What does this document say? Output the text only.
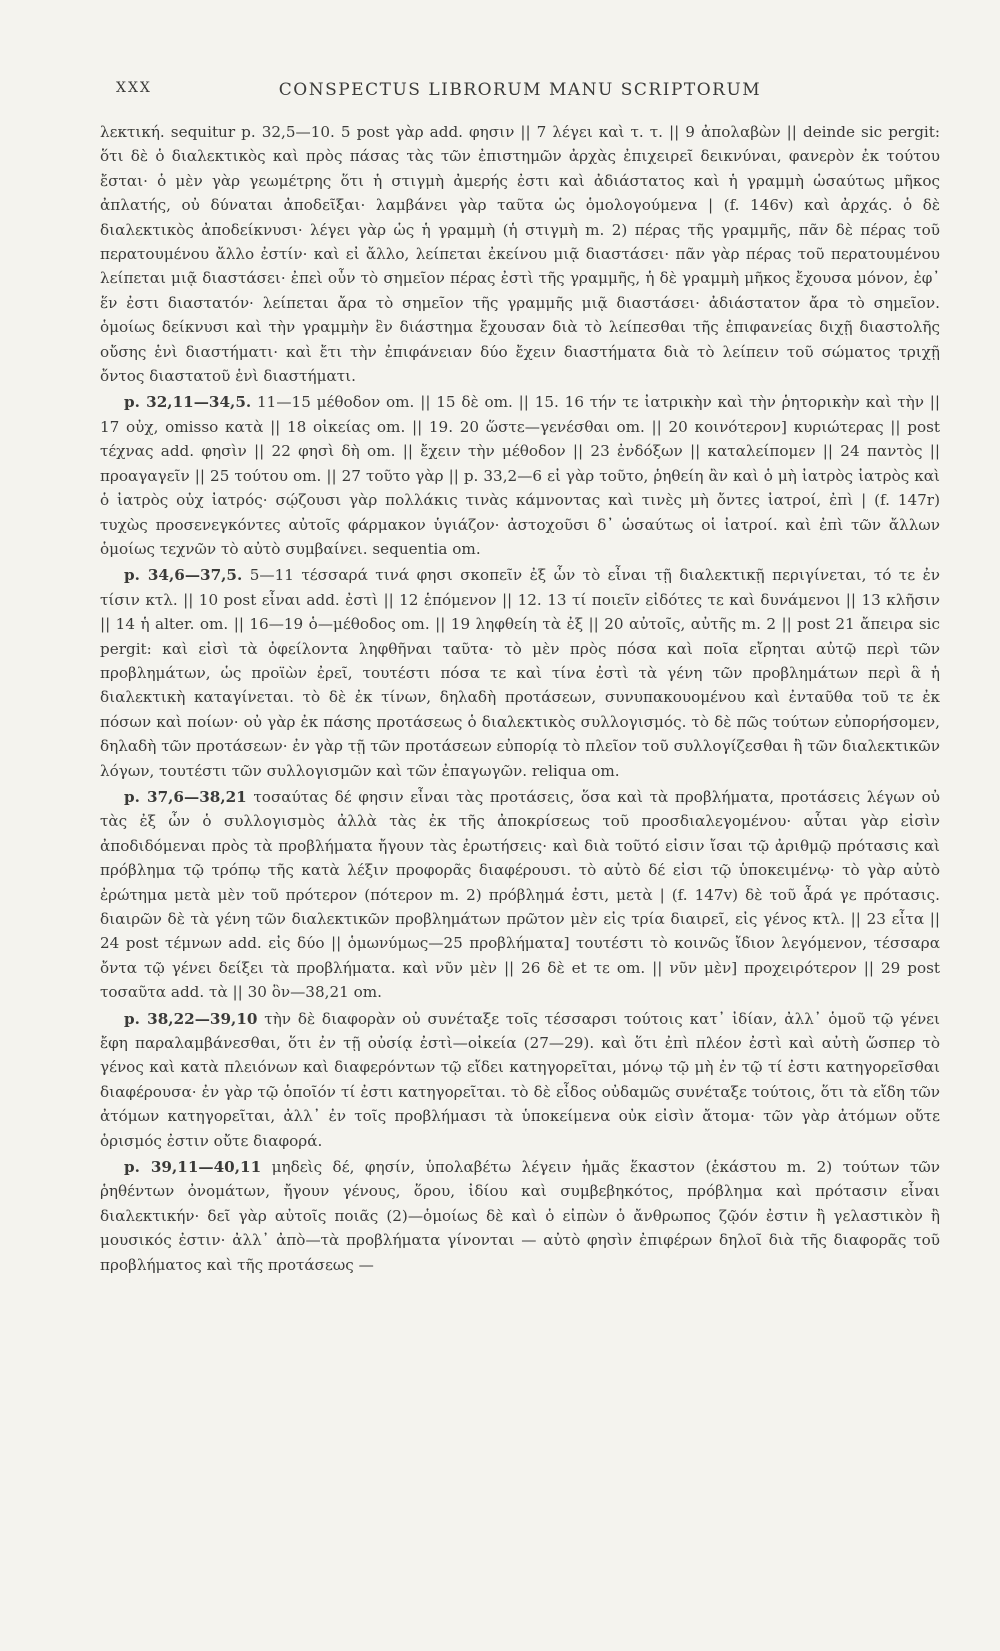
XXX	CONSPECTUS LIBRORUM MANU SCRIPTORUM

λεκτική. sequitur p. 32,5—10. 5 post γὰρ add. φησιν || 7 λέγει καὶ τ. τ. || 9 ἀπολαβὼν || deinde sic pergit: ὅτι δὲ ὁ διαλεκτικὸς καὶ πρὸς πάσας τὰς τῶν ἐπιστημῶν ἀρχὰς ἐπιχειρεῖ δεικνύναι, φανερὸν ἐκ τούτου ἔσται· ὁ μὲν γὰρ γεωμέτρης ὅτι ἡ στιγμὴ ἀμερής ἐστι καὶ ἀδιάστατος καὶ ἡ γραμμὴ ὡσαύτως μῆκος ἀπλατής, οὐ δύναται ἀποδεῖξαι· λαμβάνει γὰρ ταῦτα ὡς ὁμολογούμενα | (f. 146v) καὶ ἀρχάς. ὁ δὲ διαλεκτικὸς ἀποδείκνυσι· λέγει γὰρ ὡς ἡ γραμμὴ (ἡ στιγμὴ m. 2) πέρας τῆς γραμμῆς, πᾶν δὲ πέρας τοῦ περατουμένου ἄλλο ἐστίν· καὶ εἰ ἄλλο, λείπεται ἐκείνου μιᾷ διαστάσει· πᾶν γὰρ πέρας τοῦ περατουμένου λείπεται μιᾷ διαστάσει· ἐπεὶ οὖν τὸ σημεῖον πέρας ἐστὶ τῆς γραμμῆς, ἡ δὲ γραμμὴ μῆκος ἔχουσα μόνον, ἐφ᾽ ἕν ἐστι διαστατόν· λείπεται ἄρα τὸ σημεῖον τῆς γραμμῆς μιᾷ διαστάσει· ἀδιάστατον ἄρα τὸ σημεῖον. ὁμοίως δείκνυσι καὶ τὴν γραμμὴν ἓν διάστημα ἔχουσαν διὰ τὸ λείπεσθαι τῆς ἐπιφανείας διχῇ διαστολῆς οὔσης ἑνὶ διαστήματι· καὶ ἔτι τὴν ἐπιφάνειαν δύο ἔχειν διαστήματα διὰ τὸ λείπειν τοῦ σώματος τριχῇ ὄντος διαστατοῦ ἑνὶ διαστήματι.

p. 32,11—34,5. 11—15 μέθοδον om. || 15 δὲ om. || 15. 16 τήν τε ἰατρικὴν καὶ τὴν ῥητορικὴν καὶ τὴν || 17 οὐχ, omisso κατὰ || 18 οἰκείας om. || 19. 20 ὥστε—γενέσθαι om. || 20 κοινότερον] κυριώτερας || post τέχνας add. φησὶν || 22 φησὶ δὴ om. || ἔχειν τὴν μέθοδον || 23 ἐνδόξων || καταλείπομεν || 24 παντὸς || προαγαγεῖν || 25 τούτου om. || 27 τοῦτο γὰρ || p. 33,2—6 εἰ γὰρ τοῦτο, ῥηθείη ἂν καὶ ὁ μὴ ἰατρὸς ἰατρὸς καὶ ὁ ἰατρὸς οὐχ ἰατρός· σῴζουσι γὰρ πολλάκις τινὰς κάμνοντας καὶ τινὲς μὴ ὄντες ἰατροί, ἐπὶ | (f. 147r) τυχὼς προσενεγκόντες αὐτοῖς φάρμακον ὑγιάζον· ἀστοχοῦσι δ᾽ ὡσαύτως οἱ ἰατροί. καὶ ἐπὶ τῶν ἄλλων ὁμοίως τεχνῶν τὸ αὐτὸ συμβαίνει. sequentia om.

p. 34,6—37,5. 5—11 τέσσαρά τινά φησι σκοπεῖν ἐξ ὧν τὸ εἶναι τῇ διαλεκτικῇ περιγίνεται, τό τε ἐν τίσιν κτλ. || 10 post εἶναι add. ἐστὶ || 12 ἑπόμενον || 12. 13 τί ποιεῖν εἰδότες τε καὶ δυνάμενοι || 13 κλῆσιν || 14 ἡ alter. om. || 16—19 ὁ—μέθοδος om. || 19 ληφθείη τὰ ἐξ || 20 αὐτοῖς, αὐτῆς m. 2 || post 21 ἄπειρα sic pergit: καὶ εἰσὶ τὰ ὀφείλοντα ληφθῆναι ταῦτα· τὸ μὲν πρὸς πόσα καὶ ποῖα εἴρηται αὐτῷ περὶ τῶν προβλημάτων, ὡς προϊὼν ἐρεῖ, τουτέστι πόσα τε καὶ τίνα ἐστὶ τὰ γένη τῶν προβλημάτων περὶ ἃ ἡ διαλεκτικὴ καταγίνεται. τὸ δὲ ἐκ τίνων, δηλαδὴ προτάσεων, συνυπακουομένου καὶ ἐνταῦθα τοῦ τε ἐκ πόσων καὶ ποίων· οὐ γὰρ ἐκ πάσης προτάσεως ὁ διαλεκτικὸς συλλογισμός. τὸ δὲ πῶς τούτων εὐπορήσομεν, δηλαδὴ τῶν προτάσεων· ἐν γὰρ τῇ τῶν προτάσεων εὐπορίᾳ τὸ πλεῖον τοῦ συλλογίζεσθαι ἢ τῶν διαλεκτικῶν λόγων, τουτέστι τῶν συλλογισμῶν καὶ τῶν ἐπαγωγῶν. reliqua om.

p. 37,6—38,21 τοσαύτας δέ φησιν εἶναι τὰς προτάσεις, ὅσα καὶ τὰ προβλήματα, προτάσεις λέγων οὐ τὰς ἐξ ὧν ὁ συλλογισμὸς ἀλλὰ τὰς ἐκ τῆς ἀποκρίσεως τοῦ προσδιαλεγομένου· αὗται γὰρ εἰσὶν ἀποδιδόμεναι πρὸς τὰ προβλήματα ἤγουν τὰς ἐρωτήσεις· καὶ διὰ τοῦτό εἰσιν ἴσαι τῷ ἀριθμῷ πρότασις καὶ πρόβλημα τῷ τρόπῳ τῆς κατὰ λέξιν προφορᾶς διαφέρουσι. τὸ αὐτὸ δέ εἰσι τῷ ὑποκειμένῳ· τὸ γὰρ αὐτὸ ἐρώτημα μετὰ μὲν τοῦ πρότερον (πότερον m. 2) πρόβλημά ἐστι, μετὰ | (f. 147v) δὲ τοῦ ἆρά γε πρότασις. διαιρῶν δὲ τὰ γένη τῶν διαλεκτικῶν προβλημάτων πρῶτον μὲν εἰς τρία διαιρεῖ, εἰς γένος κτλ. || 23 εἶτα || 24 post τέμνων add. εἰς δύο || ὁμωνύμως—25 προβλήματα] τουτέστι τὸ κοινῶς ἴδιον λεγόμενον, τέσσαρα ὄντα τῷ γένει δείξει τὰ προβλήματα. καὶ νῦν μὲν || 26 δὲ et τε om. || νῦν μὲν] προχειρότερον || 29 post τοσαῦτα add. τὰ || 30 ὃν—38,21 om.

p. 38,22—39,10 τὴν δὲ διαφορὰν οὐ συνέταξε τοῖς τέσσαρσι τούτοις κατ᾽ ἰδίαν, ἀλλ᾽ ὁμοῦ τῷ γένει ἔφη παραλαμβάνεσθαι, ὅτι ἐν τῇ οὐσίᾳ ἐστὶ—οἰκεία (27—29). καὶ ὅτι ἐπὶ πλέον ἐστὶ καὶ αὐτὴ ὥσπερ τὸ γένος καὶ κατὰ πλειόνων καὶ διαφερόντων τῷ εἴδει κατηγορεῖται, μόνῳ τῷ μὴ ἐν τῷ τί ἐστι κατηγορεῖσθαι διαφέρουσα· ἐν γὰρ τῷ ὁποῖόν τί ἐστι κατηγορεῖται. τὸ δὲ εἶδος οὐδαμῶς συνέταξε τούτοις, ὅτι τὰ εἴδη τῶν ἀτόμων κατηγορεῖται, ἀλλ᾽ ἐν τοῖς προβλήμασι τὰ ὑποκείμενα οὐκ εἰσὶν ἄτομα· τῶν γὰρ ἀτόμων οὔτε ὁρισμός ἐστιν οὔτε διαφορά.

p. 39,11—40,11 μηδεὶς δέ, φησίν, ὑπολαβέτω λέγειν ἡμᾶς ἕκαστον (ἑκάστου m. 2) τούτων τῶν ῥηθέντων ὀνομάτων, ἤγουν γένους, ὅρου, ἰδίου καὶ συμβεβηκότος, πρόβλημα καὶ πρότασιν εἶναι διαλεκτικήν· δεῖ γὰρ αὐτοῖς ποιᾶς (2)—ὁμοίως δὲ καὶ ὁ εἰπὼν ὁ ἄνθρωπος ζῷόν ἐστιν ἢ γελαστικὸν ἢ μουσικός ἐστιν· ἀλλ᾽ ἀπὸ—τὰ προβλήματα γίνονται — αὐτὸ φησὶν ἐπιφέρων δηλοῖ διὰ τῆς διαφορᾶς τοῦ προβλήματος καὶ τῆς προτάσεως —
